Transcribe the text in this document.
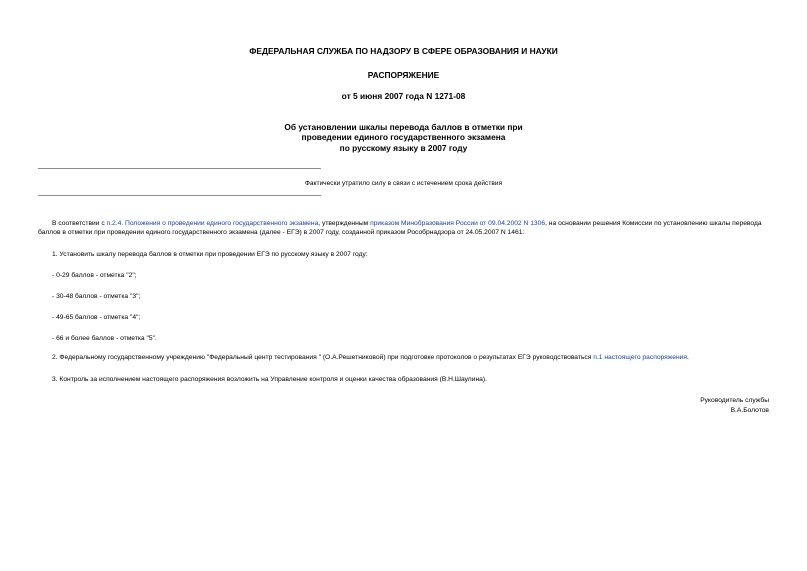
ФЕДЕРАЛЬНАЯ СЛУЖБА ПО НАДЗОРУ В СФЕРЕ ОБРАЗОВАНИЯ И НАУКИ
РАСПОРЯЖЕНИЕ
от 5 июня 2007 года N 1271-08
Об установлении шкалы перевода баллов в отметки при
проведении единого государственного экзамена
по русскому языку в 2007 году
Фактически утратило силу в связи с истечением срока действия
В соответствии с п.2.4. Положения о проведении единого государственного экзамена, утвержденным приказом Минобразования России от 09.04.2002 N 1306, на основании решения Комиссии по установлению шкалы перевода баллов в отметки при проведении единого государственного экзамена (далее - ЕГЭ) в 2007 году, созданной приказом Рособрнадзора от 24.05.2007 N 1461:
1. Установить шкалу перевода баллов в отметки при проведении ЕГЭ по русскому языку в 2007 году:
- 0-29 баллов - отметка "2";
- 30-48 баллов - отметка "3";
- 49-65 баллов - отметка "4";
- 66 и более баллов - отметка "5".
2. Федеральному государственному учреждению "Федеральный центр тестирования " (О.А.Решетниковой) при подготовке протоколов о результатах ЕГЭ руководствоваться п.1 настоящего распоряжения.
3. Контроль за исполнением настоящего распоряжения возложить на Управление контроля и оценки качества образования (В.Н.Шаулина).
Руководитель службы
В.А.Болотов
